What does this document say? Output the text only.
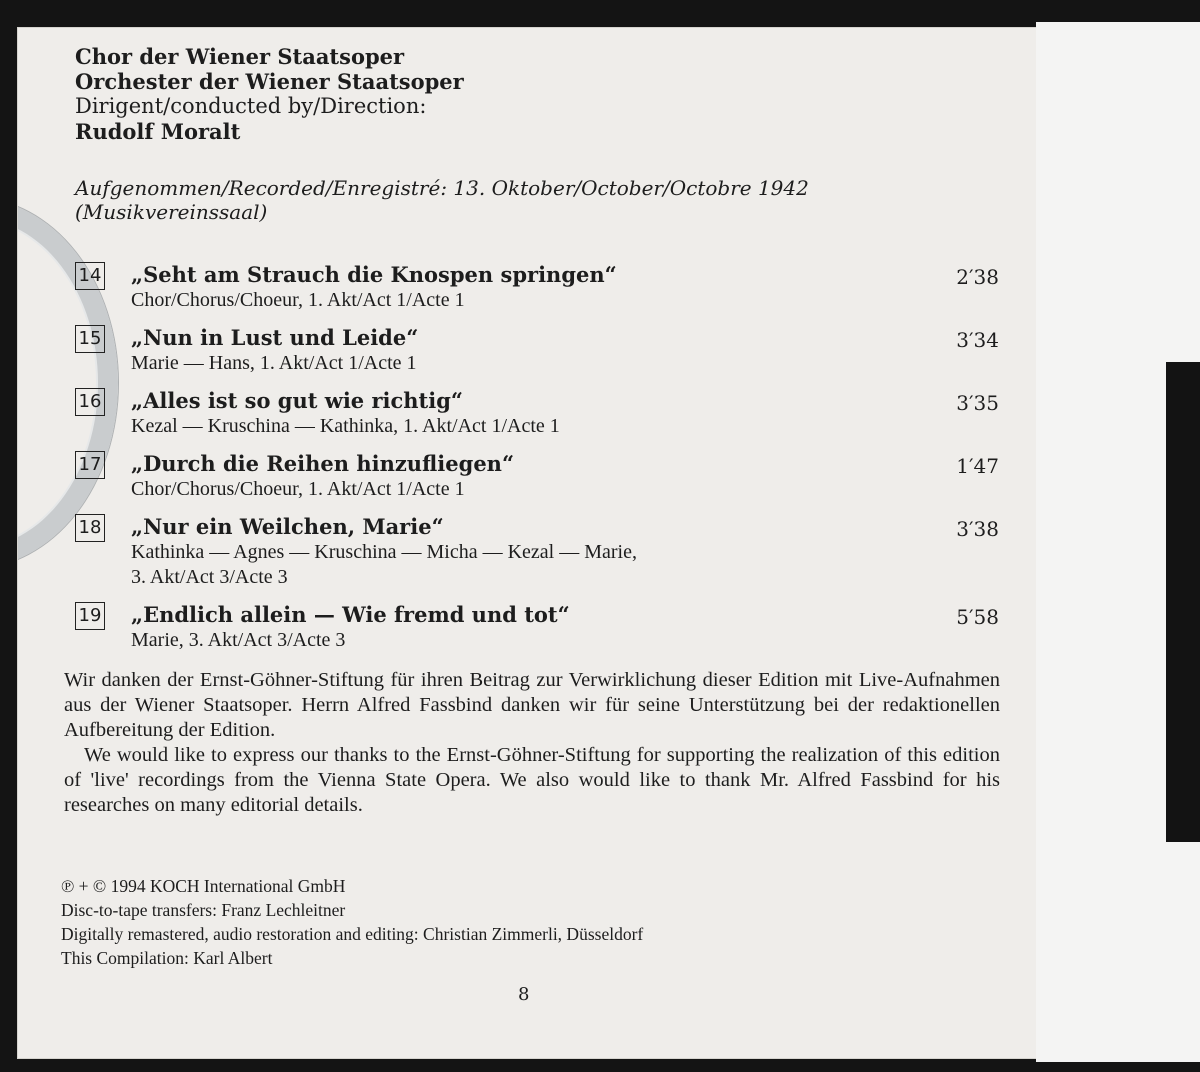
Chor der Wiener Staatsoper
Orchester der Wiener Staatsoper
Dirigent/conducted by/Direction:
Rudolf Moralt
Aufgenommen/Recorded/Enregistré: 13. Oktober/October/Octobre 1942
(Musikvereinssaal)
14 „Seht am Strauch die Knospen springen“
Chor/Chorus/Choeur, 1. Akt/Act 1/Acte 1
2′38
15 „Nun in Lust und Leide“
Marie — Hans, 1. Akt/Act 1/Acte 1
3′34
16 „Alles ist so gut wie richtig“
Kezal — Kruschina — Kathinka, 1. Akt/Act 1/Acte 1
3′35
17 „Durch die Reihen hinzufliegen“
Chor/Chorus/Choeur, 1. Akt/Act 1/Acte 1
1′47
18 „Nur ein Weilchen, Marie“
Kathinka — Agnes — Kruschina — Micha — Kezal — Marie,
3. Akt/Act 3/Acte 3
3′38
19 „Endlich allein — Wie fremd und tot“
Marie, 3. Akt/Act 3/Acte 3
5′58

Wir danken der Ernst-Göhner-Stiftung für ihren Beitrag zur Verwirklichung dieser Edition mit Live-Aufnahmen aus der Wiener Staatsoper. Herrn Alfred Fassbind danken wir für seine Unterstützung bei der redaktionellen Aufbereitung der Edition.

We would like to express our thanks to the Ernst-Göhner-Stiftung for supporting the realization of this edition of 'live' recordings from the Vienna State Opera. We also would like to thank Mr. Alfred Fassbind for his researches on many editorial details.

℗ + © 1994 KOCH International GmbH
Disc-to-tape transfers: Franz Lechleitner
Digitally remastered, audio restoration and editing: Christian Zimmerli, Düsseldorf
This Compilation: Karl Albert
8
